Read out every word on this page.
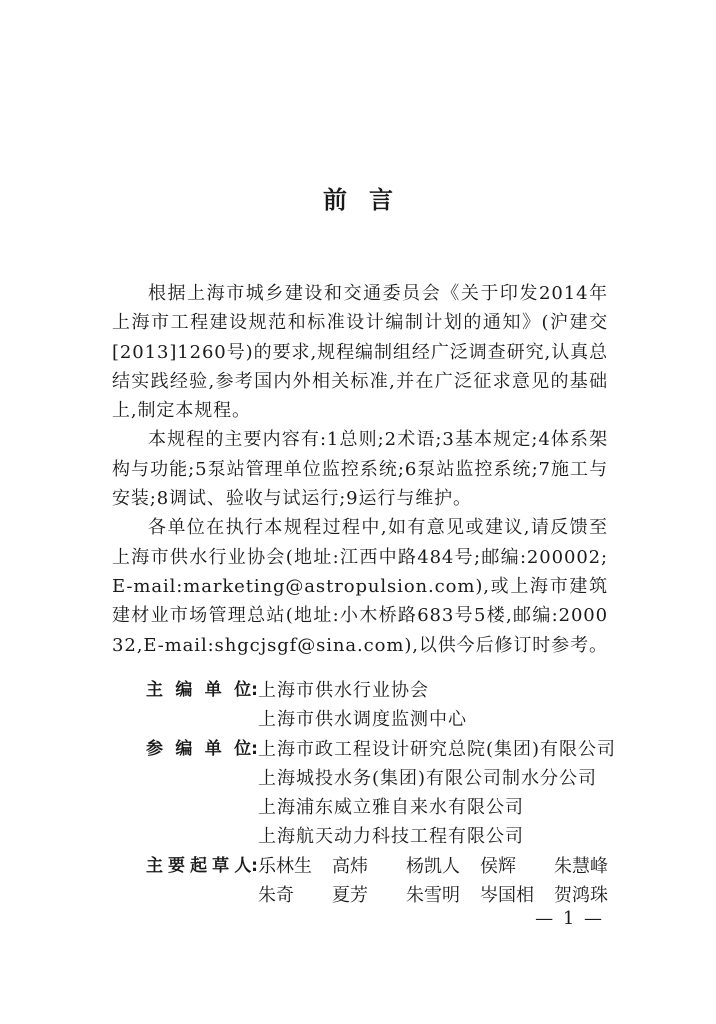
前言

根据上海市城乡建设和交通委员会《关于印发2014年上海市工程建设规范和标准设计编制计划的通知》(沪建交[2013]1260号)的要求,规程编制组经广泛调查研究,认真总结实践经验,参考国内外相关标准,并在广泛征求意见的基础上,制定本规程。

本规程的主要内容有:1总则;2术语;3基本规定;4体系架构与功能;5泵站管理单位监控系统;6泵站监控系统;7施工与安装;8调试、验收与试运行;9运行与维护。

各单位在执行本规程过程中,如有意见或建议,请反馈至上海市供水行业协会(地址:江西中路484号;邮编:200002;E-mail:marketing@astropulsion.com),或上海市建筑建材业市场管理总站(地址:小木桥路683号5楼,邮编:200032,E-mail:shgcjsgf@sina.com),以供今后修订时参考。

主 编 单 位: 上海市供水行业协会
上海市供水调度监测中心
参 编 单 位: 上海市政工程设计研究总院(集团)有限公司
上海城投水务(集团)有限公司制水分公司
上海浦东威立雅自来水有限公司
上海航天动力科技工程有限公司
主 要 起 草 人: 乐林生	高炜	杨凯人	侯辉	朱慧峰
朱奇	夏芳	朱雪明	岑国相	贺鸿珠
— 1 —
